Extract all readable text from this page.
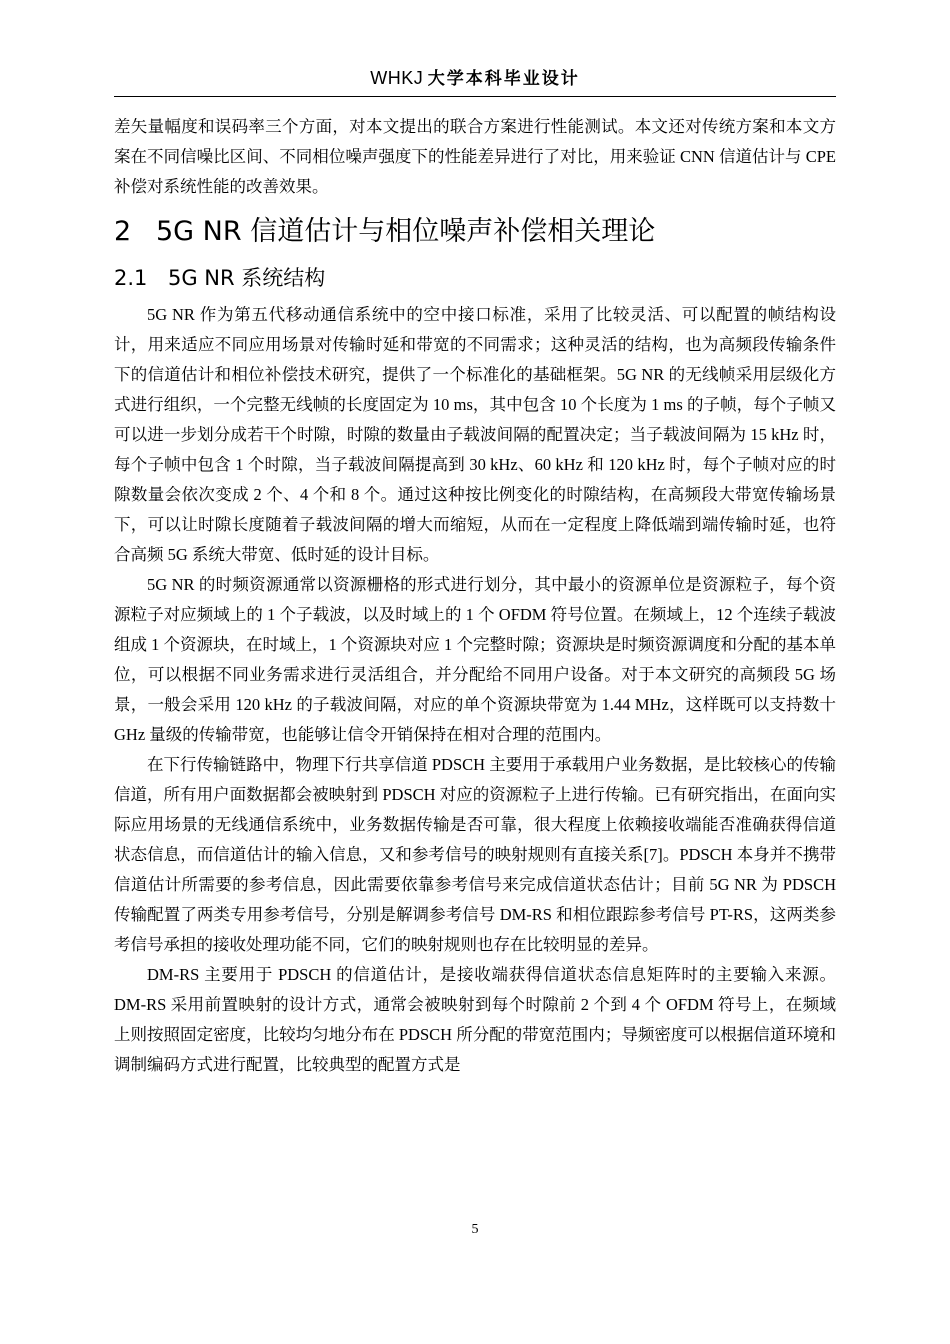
WHKJ 大学本科毕业设计

差矢量幅度和误码率三个方面，对本文提出的联合方案进行性能测试。本文还对传统方案和本文方案在不同信噪比区间、不同相位噪声强度下的性能差异进行了对比，用来验证 CNN 信道估计与 CPE 补偿对系统性能的改善效果。

2 5G NR 信道估计与相位噪声补偿相关理论
2.1 5G NR 系统结构

5G NR 作为第五代移动通信系统中的空中接口标准，采用了比较灵活、可以配置的帧结构设计，用来适应不同应用场景对传输时延和带宽的不同需求；这种灵活的结构，也为高频段传输条件下的信道估计和相位补偿技术研究，提供了一个标准化的基础框架。5G NR 的无线帧采用层级化方式进行组织，一个完整无线帧的长度固定为 10 ms，其中包含 10 个长度为 1 ms 的子帧，每个子帧又可以进一步划分成若干个时隙，时隙的数量由子载波间隔的配置决定；当子载波间隔为 15 kHz 时，每个子帧中包含 1 个时隙，当子载波间隔提高到 30 kHz、60 kHz 和 120 kHz 时，每个子帧对应的时隙数量会依次变成 2 个、4 个和 8 个。通过这种按比例变化的时隙结构，在高频段大带宽传输场景下，可以让时隙长度随着子载波间隔的增大而缩短，从而在一定程度上降低端到端传输时延，也符合高频 5G 系统大带宽、低时延的设计目标。

5G NR 的时频资源通常以资源栅格的形式进行划分，其中最小的资源单位是资源粒子，每个资源粒子对应频域上的 1 个子载波，以及时域上的 1 个 OFDM 符号位置。在频域上，12 个连续子载波组成 1 个资源块，在时域上，1 个资源块对应 1 个完整时隙；资源块是时频资源调度和分配的基本单位，可以根据不同业务需求进行灵活组合，并分配给不同用户设备。对于本文研究的高频段 5G 场景，一般会采用 120 kHz 的子载波间隔，对应的单个资源块带宽为 1.44 MHz，这样既可以支持数十 GHz 量级的传输带宽，也能够让信令开销保持在相对合理的范围内。

在下行传输链路中，物理下行共享信道 PDSCH 主要用于承载用户业务数据，是比较核心的传输信道，所有用户面数据都会被映射到 PDSCH 对应的资源粒子上进行传输。已有研究指出，在面向实际应用场景的无线通信系统中，业务数据传输是否可靠，很大程度上依赖接收端能否准确获得信道状态信息，而信道估计的输入信息，又和参考信号的映射规则有直接关系[7]。PDSCH 本身并不携带信道估计所需要的参考信息，因此需要依靠参考信号来完成信道状态估计；目前 5G NR 为 PDSCH 传输配置了两类专用参考信号，分别是解调参考信号 DM-RS 和相位跟踪参考信号 PT-RS，这两类参考信号承担的接收处理功能不同，它们的映射规则也存在比较明显的差异。

DM-RS 主要用于 PDSCH 的信道估计，是接收端获得信道状态信息矩阵时的主要输入来源。DM-RS 采用前置映射的设计方式，通常会被映射到每个时隙前 2 个到 4 个 OFDM 符号上，在频域上则按照固定密度，比较均匀地分布在 PDSCH 所分配的带宽范围内；导频密度可以根据信道环境和调制编码方式进行配置，比较典型的配置方式是

5
